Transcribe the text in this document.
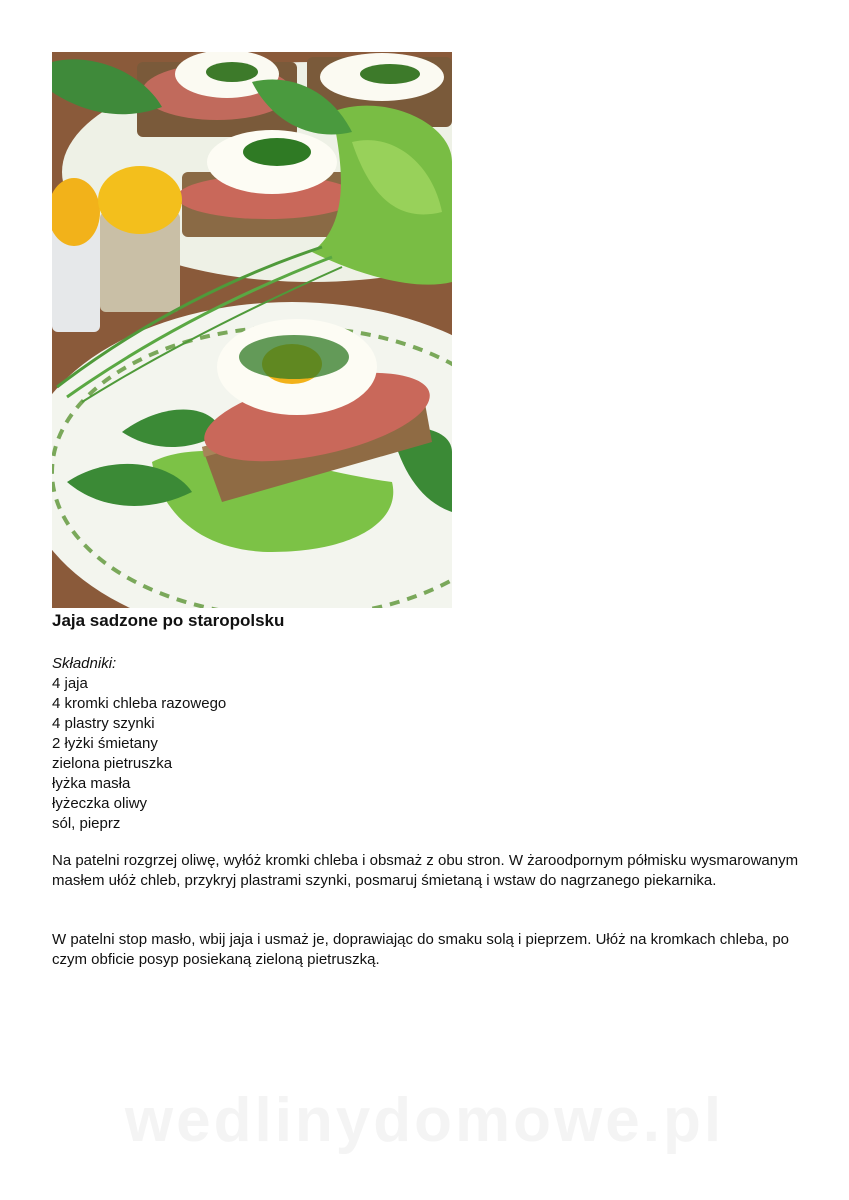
Jaja sadzone po staropolsku
Składniki:
4 jaja
4 kromki chleba razowego
4 plastry szynki
2 łyżki śmietany
zielona pietruszka
łyżka masła
łyżeczka oliwy
sól, pieprz

Na patelni rozgrzej oliwę, wyłóż kromki chleba i obsmaż z obu stron. W żaroodpornym półmisku wysmarowanym masłem ułóż chleb, przykryj plastrami szynki, posmaruj śmietaną i wstaw do nagrzanego piekarnika.

W patelni stop masło, wbij jaja i usmaż je, doprawiając do smaku solą i pieprzem. Ułóż na kromkach chleba, po czym obficie posyp posiekaną zieloną pietruszką.

wedlinydomowe.pl
